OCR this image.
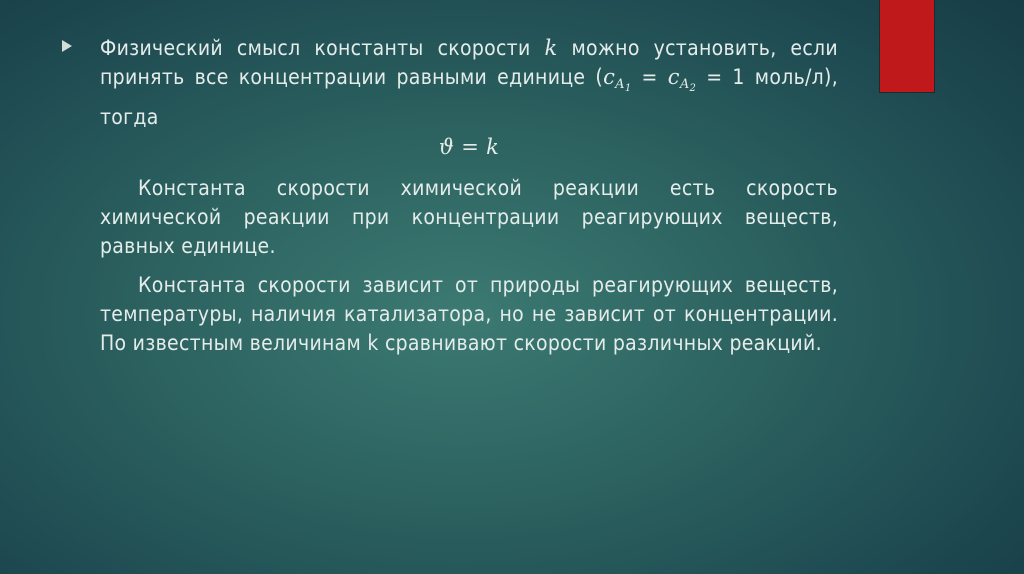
Физический смысл константы скорости k можно установить, если принять все концентрации равными единице ($c_{A_1} = c_{A_2} = 1$ моль/л), тогда
ϑ = k
Константа скорости химической реакции есть скорость химической реакции при концентрации реагирующих веществ, равных единице.
Константа скорости зависит от природы реагирующих веществ, температуры, наличия катализатора, но не зависит от концентрации. По известным величинам k сравнивают скорости различных реакций.
